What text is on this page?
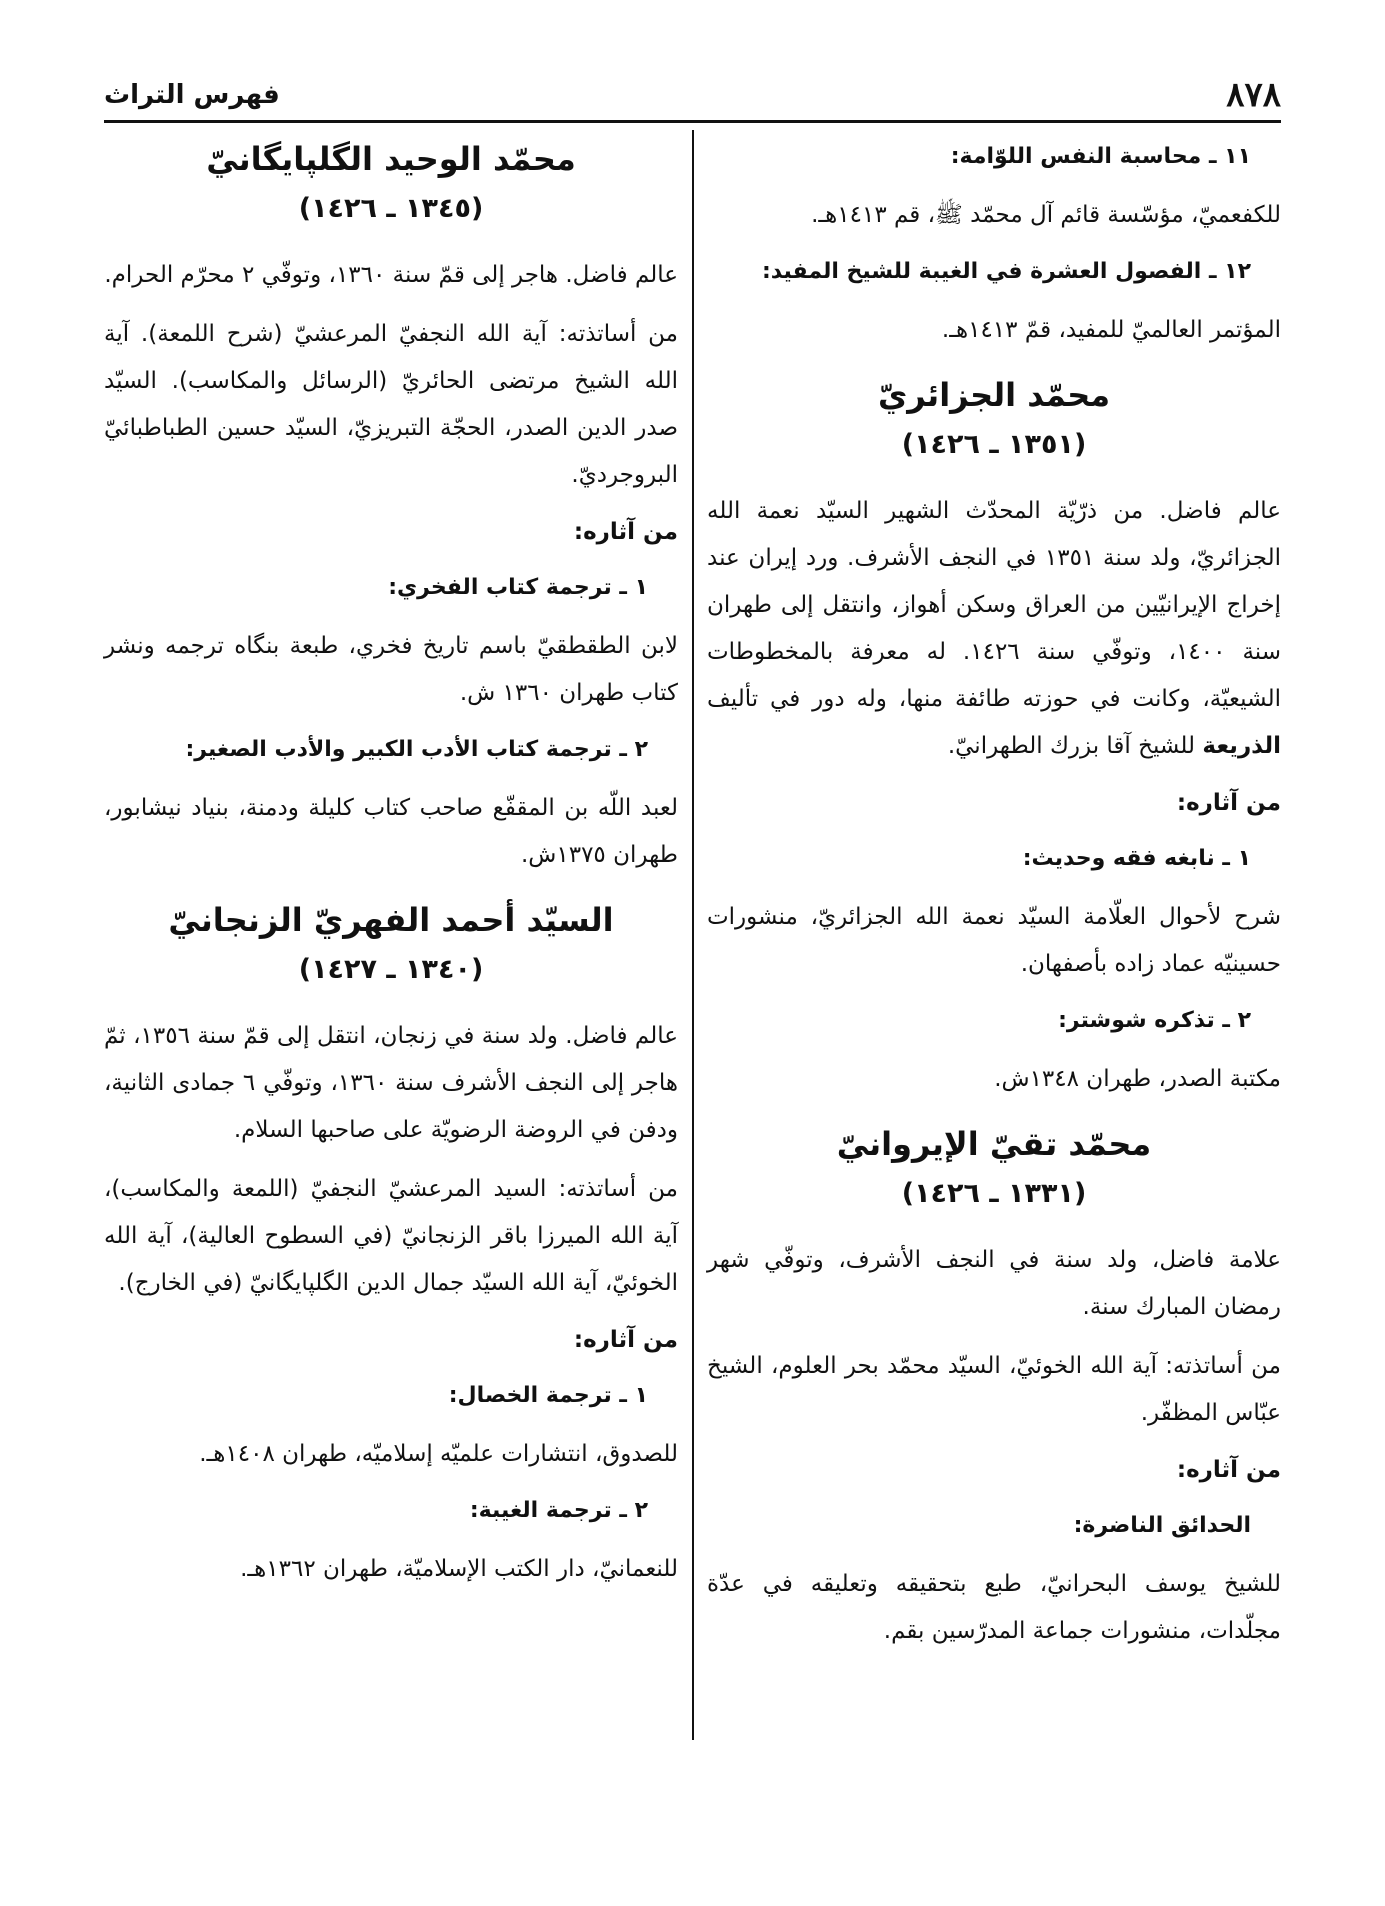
٨٧٨
فهرس التراث
١١ ـ محاسبة النفس اللوّامة:

للكفعميّ، مؤسّسة قائم آل محمّد ﷺ، قم ١٤١٣هـ.

١٢ ـ الفصول العشرة في الغيبة للشيخ المفيد:

المؤتمر العالميّ للمفيد، قمّ ١٤١٣هـ.

محمّد الجزائريّ
(١٣٥١ ـ ١٤٢٦)

عالم فاضل. من ذرّيّة المحدّث الشهير السيّد نعمة الله الجزائريّ، ولد سنة ١٣٥١ في النجف الأشرف. ورد إيران عند إخراج الإيرانيّين من العراق وسكن أهواز، وانتقل إلى طهران سنة ١٤٠٠، وتوفّي سنة ١٤٢٦. له معرفة بالمخطوطات الشيعيّة، وكانت في حوزته طائفة منها، وله دور في تأليف الذريعة للشيخ آقا بزرك الطهرانيّ.

من آثاره:
١ ـ نابغه فقه وحديث:

شرح لأحوال العلّامة السيّد نعمة الله الجزائريّ، منشورات حسينيّه عماد زاده بأصفهان.

٢ ـ تذكره شوشتر:

مكتبة الصدر، طهران ١٣٤٨ش.

محمّد تقيّ الإيروانيّ
(١٣٣١ ـ ١٤٢٦)

علامة فاضل، ولد سنة في النجف الأشرف، وتوفّي شهر رمضان المبارك سنة.

من أساتذته: آية الله الخوئيّ، السيّد محمّد بحر العلوم، الشيخ عبّاس المظفّر.

من آثاره:
الحدائق الناضرة:

للشيخ يوسف البحرانيّ، طبع بتحقيقه وتعليقه في عدّة مجلّدات، منشورات جماعة المدرّسين بقم.

محمّد الوحيد الگلپايگانيّ
(١٣٤٥ ـ ١٤٢٦)

عالم فاضل. هاجر إلى قمّ سنة ١٣٦٠، وتوفّي ٢ محرّم الحرام.

من أساتذته: آية الله النجفيّ المرعشيّ (شرح اللمعة). آية الله الشيخ مرتضى الحائريّ (الرسائل والمكاسب). السيّد صدر الدين الصدر، الحجّة التبريزيّ، السيّد حسين الطباطبائيّ البروجرديّ.

من آثاره:
١ ـ ترجمة كتاب الفخري:

لابن الطقطقيّ باسم تاريخ فخري، طبعة بنگاه ترجمه ونشر كتاب طهران ١٣٦٠ ش.

٢ ـ ترجمة كتاب الأدب الكبير والأدب الصغير:

لعبد اللّه بن المقفّع صاحب كتاب كليلة ودمنة، بنياد نيشابور، طهران ١٣٧٥ش.

السيّد أحمد الفهريّ الزنجانيّ
(١٣٤٠ ـ ١٤٢٧)

عالم فاضل. ولد سنة في زنجان، انتقل إلى قمّ سنة ١٣٥٦، ثمّ هاجر إلى النجف الأشرف سنة ١٣٦٠، وتوفّي ٦ جمادى الثانية، ودفن في الروضة الرضويّة على صاحبها السلام.

من أساتذته: السيد المرعشيّ النجفيّ (اللمعة والمكاسب)، آية الله الميرزا باقر الزنجانيّ (في السطوح العالية)، آية الله الخوئيّ، آية الله السيّد جمال الدين الگلپايگانيّ (في الخارج).

من آثاره:
١ ـ ترجمة الخصال:

للصدوق، انتشارات علميّه إسلاميّه، طهران ١٤٠٨هـ.

٢ ـ ترجمة الغيبة:

للنعمانيّ، دار الكتب الإسلاميّة، طهران ١٣٦٢هـ.
